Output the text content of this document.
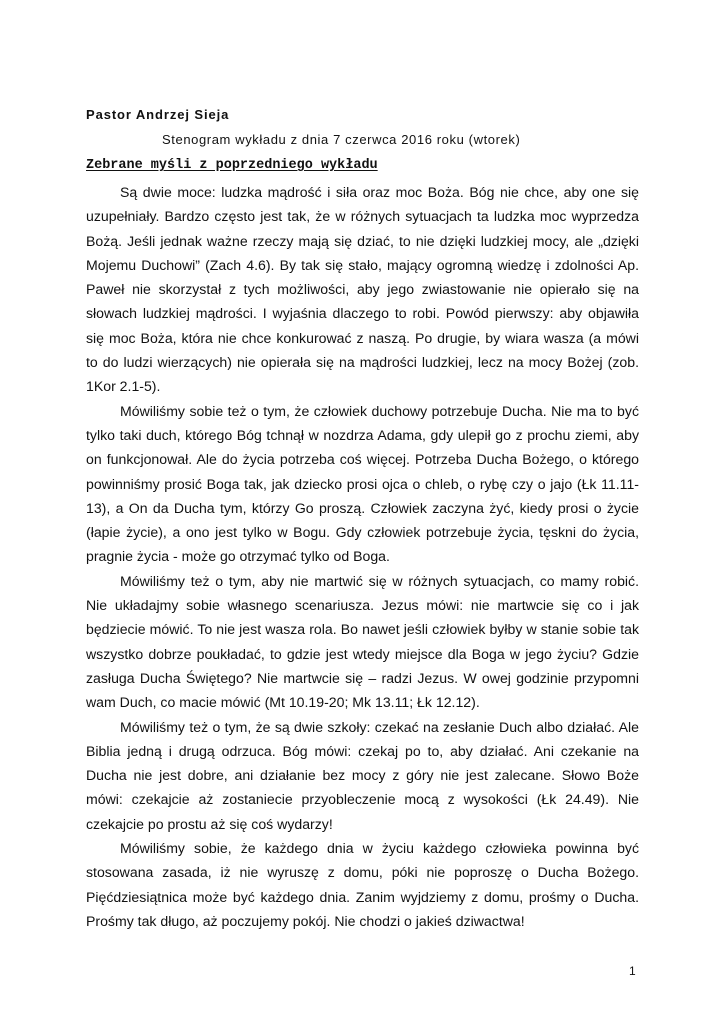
Pastor Andrzej Sieja
Stenogram wykładu z dnia 7 czerwca 2016 roku (wtorek)
Zebrane myśli z poprzedniego wykładu

Są dwie moce: ludzka mądrość i siła oraz moc Boża. Bóg nie chce, aby one się uzupełniały. Bardzo często jest tak, że w różnych sytuacjach ta ludzka moc wyprzedza Bożą. Jeśli jednak ważne rzeczy mają się dziać, to nie dzięki ludzkiej mocy, ale „dzięki Mojemu Duchowi” (Zach 4.6). By tak się stało, mający ogromną wiedzę i zdolności Ap. Paweł nie skorzystał z tych możliwości, aby jego zwiastowanie nie opierało się na słowach ludzkiej mądrości. I wyjaśnia dlaczego to robi. Powód pierwszy: aby objawiła się moc Boża, która nie chce konkurować z naszą. Po drugie, by wiara wasza (a mówi to do ludzi wierzących) nie opierała się na mądrości ludzkiej, lecz na mocy Bożej (zob. 1Kor 2.1-5).

Mówiliśmy sobie też o tym, że człowiek duchowy potrzebuje Ducha. Nie ma to być tylko taki duch, którego Bóg tchnął w nozdrza Adama, gdy ulepił go z prochu ziemi, aby on funkcjonował. Ale do życia potrzeba coś więcej. Potrzeba Ducha Bożego, o którego powinniśmy prosić Boga tak, jak dziecko prosi ojca o chleb, o rybę czy o jajo (Łk 11.11-13), a On da Ducha tym, którzy Go proszą. Człowiek zaczyna żyć, kiedy prosi o życie (łapie życie), a ono jest tylko w Bogu. Gdy człowiek potrzebuje życia, tęskni do życia, pragnie życia - może go otrzymać tylko od Boga.

Mówiliśmy też o tym, aby nie martwić się w różnych sytuacjach, co mamy robić. Nie układajmy sobie własnego scenariusza. Jezus mówi: nie martwcie się co i jak będziecie mówić. To nie jest wasza rola. Bo nawet jeśli człowiek byłby w stanie sobie tak wszystko dobrze poukładać, to gdzie jest wtedy miejsce dla Boga w jego życiu? Gdzie zasługa Ducha Świętego? Nie martwcie się – radzi Jezus. W owej godzinie przypomni wam Duch, co macie mówić (Mt 10.19-20; Mk 13.11; Łk 12.12).

Mówiliśmy też o tym, że są dwie szkoły: czekać na zesłanie Duch albo działać. Ale Biblia jedną i drugą odrzuca. Bóg mówi: czekaj po to, aby działać. Ani czekanie na Ducha nie jest dobre, ani działanie bez mocy z góry nie jest zalecane. Słowo Boże mówi: czekajcie aż zostaniecie przyobleczenie mocą z wysokości (Łk 24.49). Nie czekajcie po prostu aż się coś wydarzy!

Mówiliśmy sobie, że każdego dnia w życiu każdego człowieka powinna być stosowana zasada, iż nie wyruszę z domu, póki nie poproszę o Ducha Bożego. Pięćdziesiątnica może być każdego dnia. Zanim wyjdziemy z domu, prośmy o Ducha. Prośmy tak długo, aż poczujemy pokój. Nie chodzi o jakieś dziwactwa!

1
